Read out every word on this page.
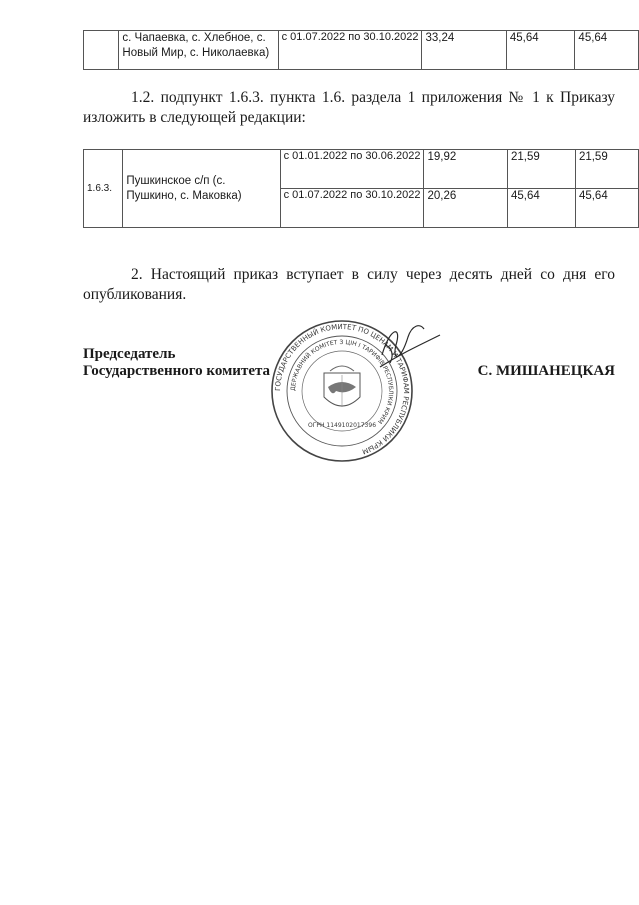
	с. Чапаевка, с. Хлебное, с. Новый Мир, с. Николаевка)	с 01.07.2022 по 30.10.2022	33,24	45,64	45,64

1.2. подпункт 1.6.3. пункта 1.6. раздела 1 приложения № 1 к Приказу изложить в следующей редакции:

1.6.3.	Пушкинское с/п (с. Пушкино, с. Маковка)	с 01.01.2022 по 30.06.2022	19,92	21,59	21,59
		с 01.07.2022 по 30.10.2022	20,26	45,64	45,64

2. Настоящий приказ вступает в силу через десять дней со дня его опубликования.

Председатель
Государственного комитета
ГОСУДАРСТВЕННЫЙ КОМИТЕТ ПО ЦЕНАМ И ТАРИФАМ РЕСПУБЛИКИ КРЫМ
ДЕРЖАВНИЙ КОМІТЕТ З ЦІН І ТАРИФІВ РЕСПУБЛІКИ КРИМ
ОГРН 1149102017396
С. МИШАНЕЦКАЯ
